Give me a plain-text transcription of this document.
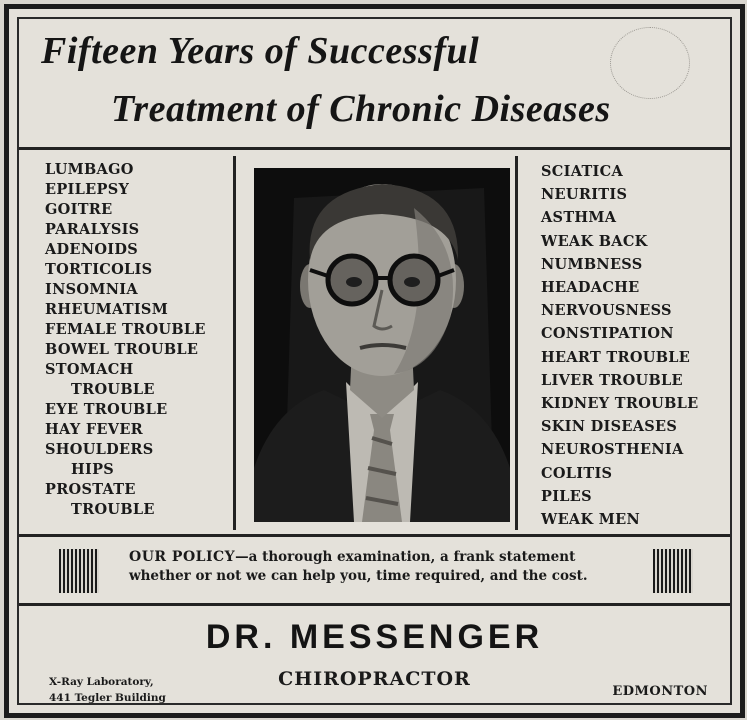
Fifteen Years of Successful
Treatment of Chronic Diseases
LUMBAGO
EPILEPSY
GOITRE
PARALYSIS
ADENOIDS
TORTICOLIS
INSOMNIA
RHEUMATISM
FEMALE TROUBLE
BOWEL TROUBLE
STOMACH
TROUBLE
EYE TROUBLE
HAY FEVER
SHOULDERS
HIPS
PROSTATE
TROUBLE
SCIATICA
NEURITIS
ASTHMA
WEAK BACK
NUMBNESS
HEADACHE
NERVOUSNESS
CONSTIPATION
HEART TROUBLE
LIVER TROUBLE
KIDNEY TROUBLE
SKIN DISEASES
NEUROSTHENIA
COLITIS
PILES
WEAK MEN
OUR POLICY—a thorough examination, a frank statement
whether or not we can help you, time required, and the cost.
DR. MESSENGER
X-Ray Laboratory,
441 Tegler Building
CHIROPRACTOR
EDMONTON
